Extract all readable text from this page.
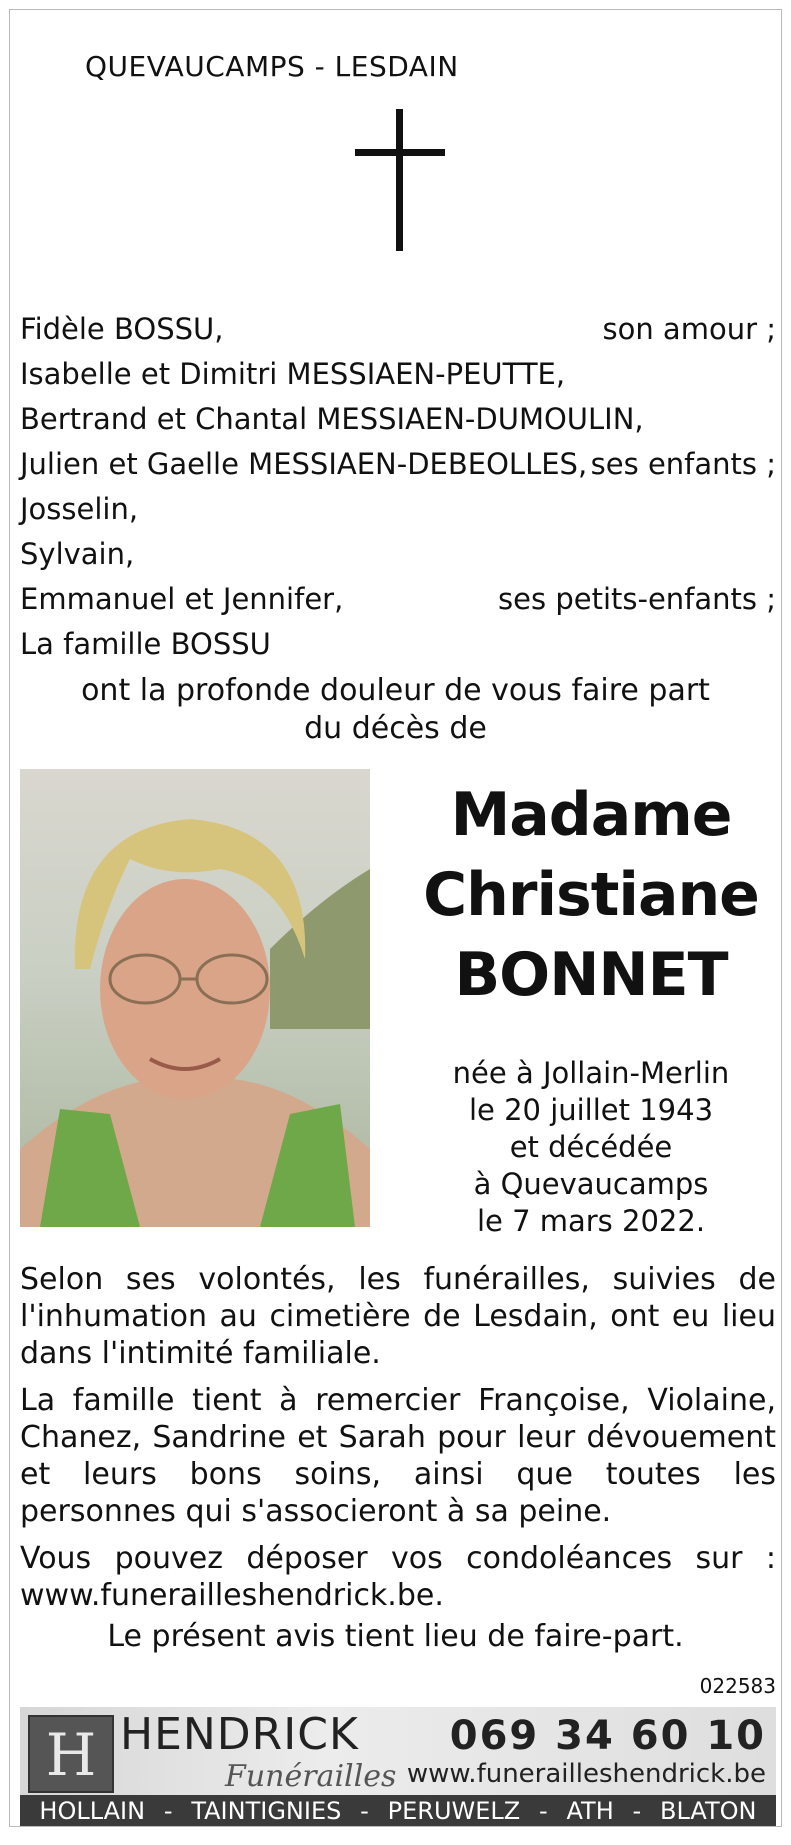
QUEVAUCAMPS - LESDAIN
Fidèle BOSSU,	son amour ;
Isabelle et Dimitri MESSIAEN-PEUTTE,
Bertrand et Chantal MESSIAEN-DUMOULIN,
Julien et Gaelle MESSIAEN-DEBEOLLES, ses enfants ;
Josselin,
Sylvain,
Emmanuel et Jennifer,	ses petits-enfants ;
La famille BOSSU
ont la profonde douleur de vous faire part
du décès de
Madame
Christiane
BONNET
née à Jollain-Merlin
le 20 juillet 1943
et décédée
à Quevaucamps
le 7 mars 2022.
Selon ses volontés, les funérailles, suivies de l'inhumation au cimetière de Lesdain, ont eu lieu dans l'intimité familiale.
La famille tient à remercier Françoise, Violaine, Chanez, Sandrine et Sarah pour leur dévouement et leurs bons soins, ainsi que toutes les personnes qui s'associeront à sa peine.
Vous pouvez déposer vos condoléances sur : www.funerailleshendrick.be.
Le présent avis tient lieu de faire-part.
022583
H HENDRICK
Funérailles
069 34 60 10
www.funerailleshendrick.be
HOLLAIN - TAINTIGNIES - PERUWELZ - ATH - BLATON
